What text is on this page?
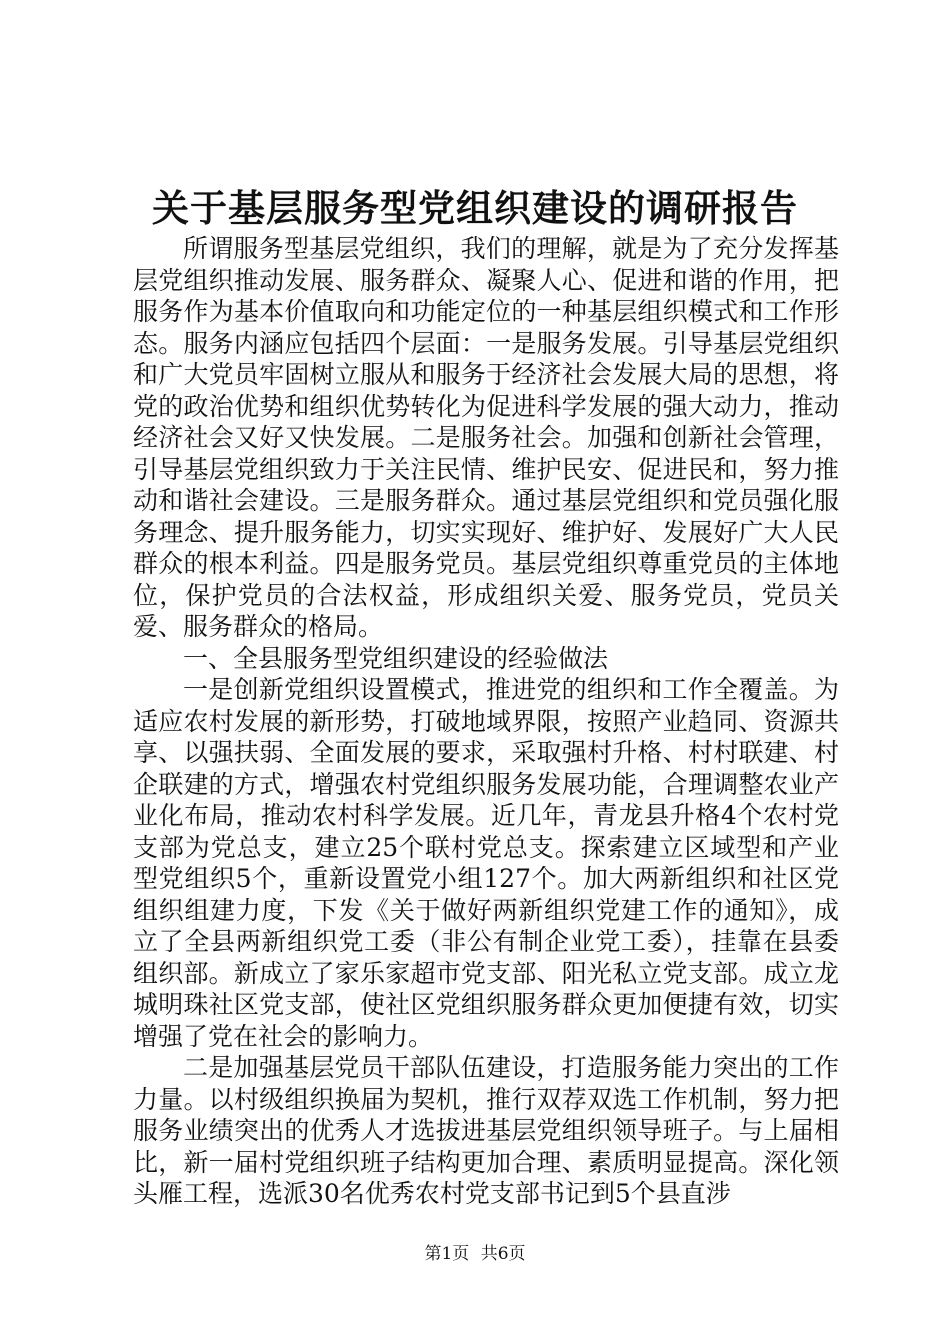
关于基层服务型党组织建设的调研报告

所谓服务型基层党组织，我们的理解，就是为了充分发挥基层党组织推动发展、服务群众、凝聚人心、促进和谐的作用，把服务作为基本价值取向和功能定位的一种基层组织模式和工作形态。服务内涵应包括四个层面：一是服务发展。引导基层党组织和广大党员牢固树立服从和服务于经济社会发展大局的思想，将党的政治优势和组织优势转化为促进科学发展的强大动力，推动经济社会又好又快发展。二是服务社会。加强和创新社会管理，引导基层党组织致力于关注民情、维护民安、促进民和，努力推动和谐社会建设。三是服务群众。通过基层党组织和党员强化服务理念、提升服务能力，切实实现好、维护好、发展好广大人民群众的根本利益。四是服务党员。基层党组织尊重党员的主体地位，保护党员的合法权益，形成组织关爱、服务党员，党员关爱、服务群众的格局。

一、全县服务型党组织建设的经验做法

一是创新党组织设置模式，推进党的组织和工作全覆盖。为适应农村发展的新形势，打破地域界限，按照产业趋同、资源共享、以强扶弱、全面发展的要求，采取强村升格、村村联建、村企联建的方式，增强农村党组织服务发展功能，合理调整农业产业化布局，推动农村科学发展。近几年，青龙县升格4个农村党支部为党总支，建立25个联村党总支。探索建立区域型和产业型党组织5个，重新设置党小组127个。加大两新组织和社区党组织组建力度，下发《关于做好两新组织党建工作的通知》，成立了全县两新组织党工委（非公有制企业党工委），挂靠在县委组织部。新成立了家乐家超市党支部、阳光私立党支部。成立龙城明珠社区党支部，使社区党组织服务群众更加便捷有效，切实增强了党在社会的影响力。

二是加强基层党员干部队伍建设，打造服务能力突出的工作力量。以村级组织换届为契机，推行双荐双选工作机制，努力把服务业绩突出的优秀人才选拔进基层党组织领导班子。与上届相比，新一届村党组织班子结构更加合理、素质明显提高。深化领头雁工程，选派30名优秀农村党支部书记到5个县直涉

第1页 共6页
